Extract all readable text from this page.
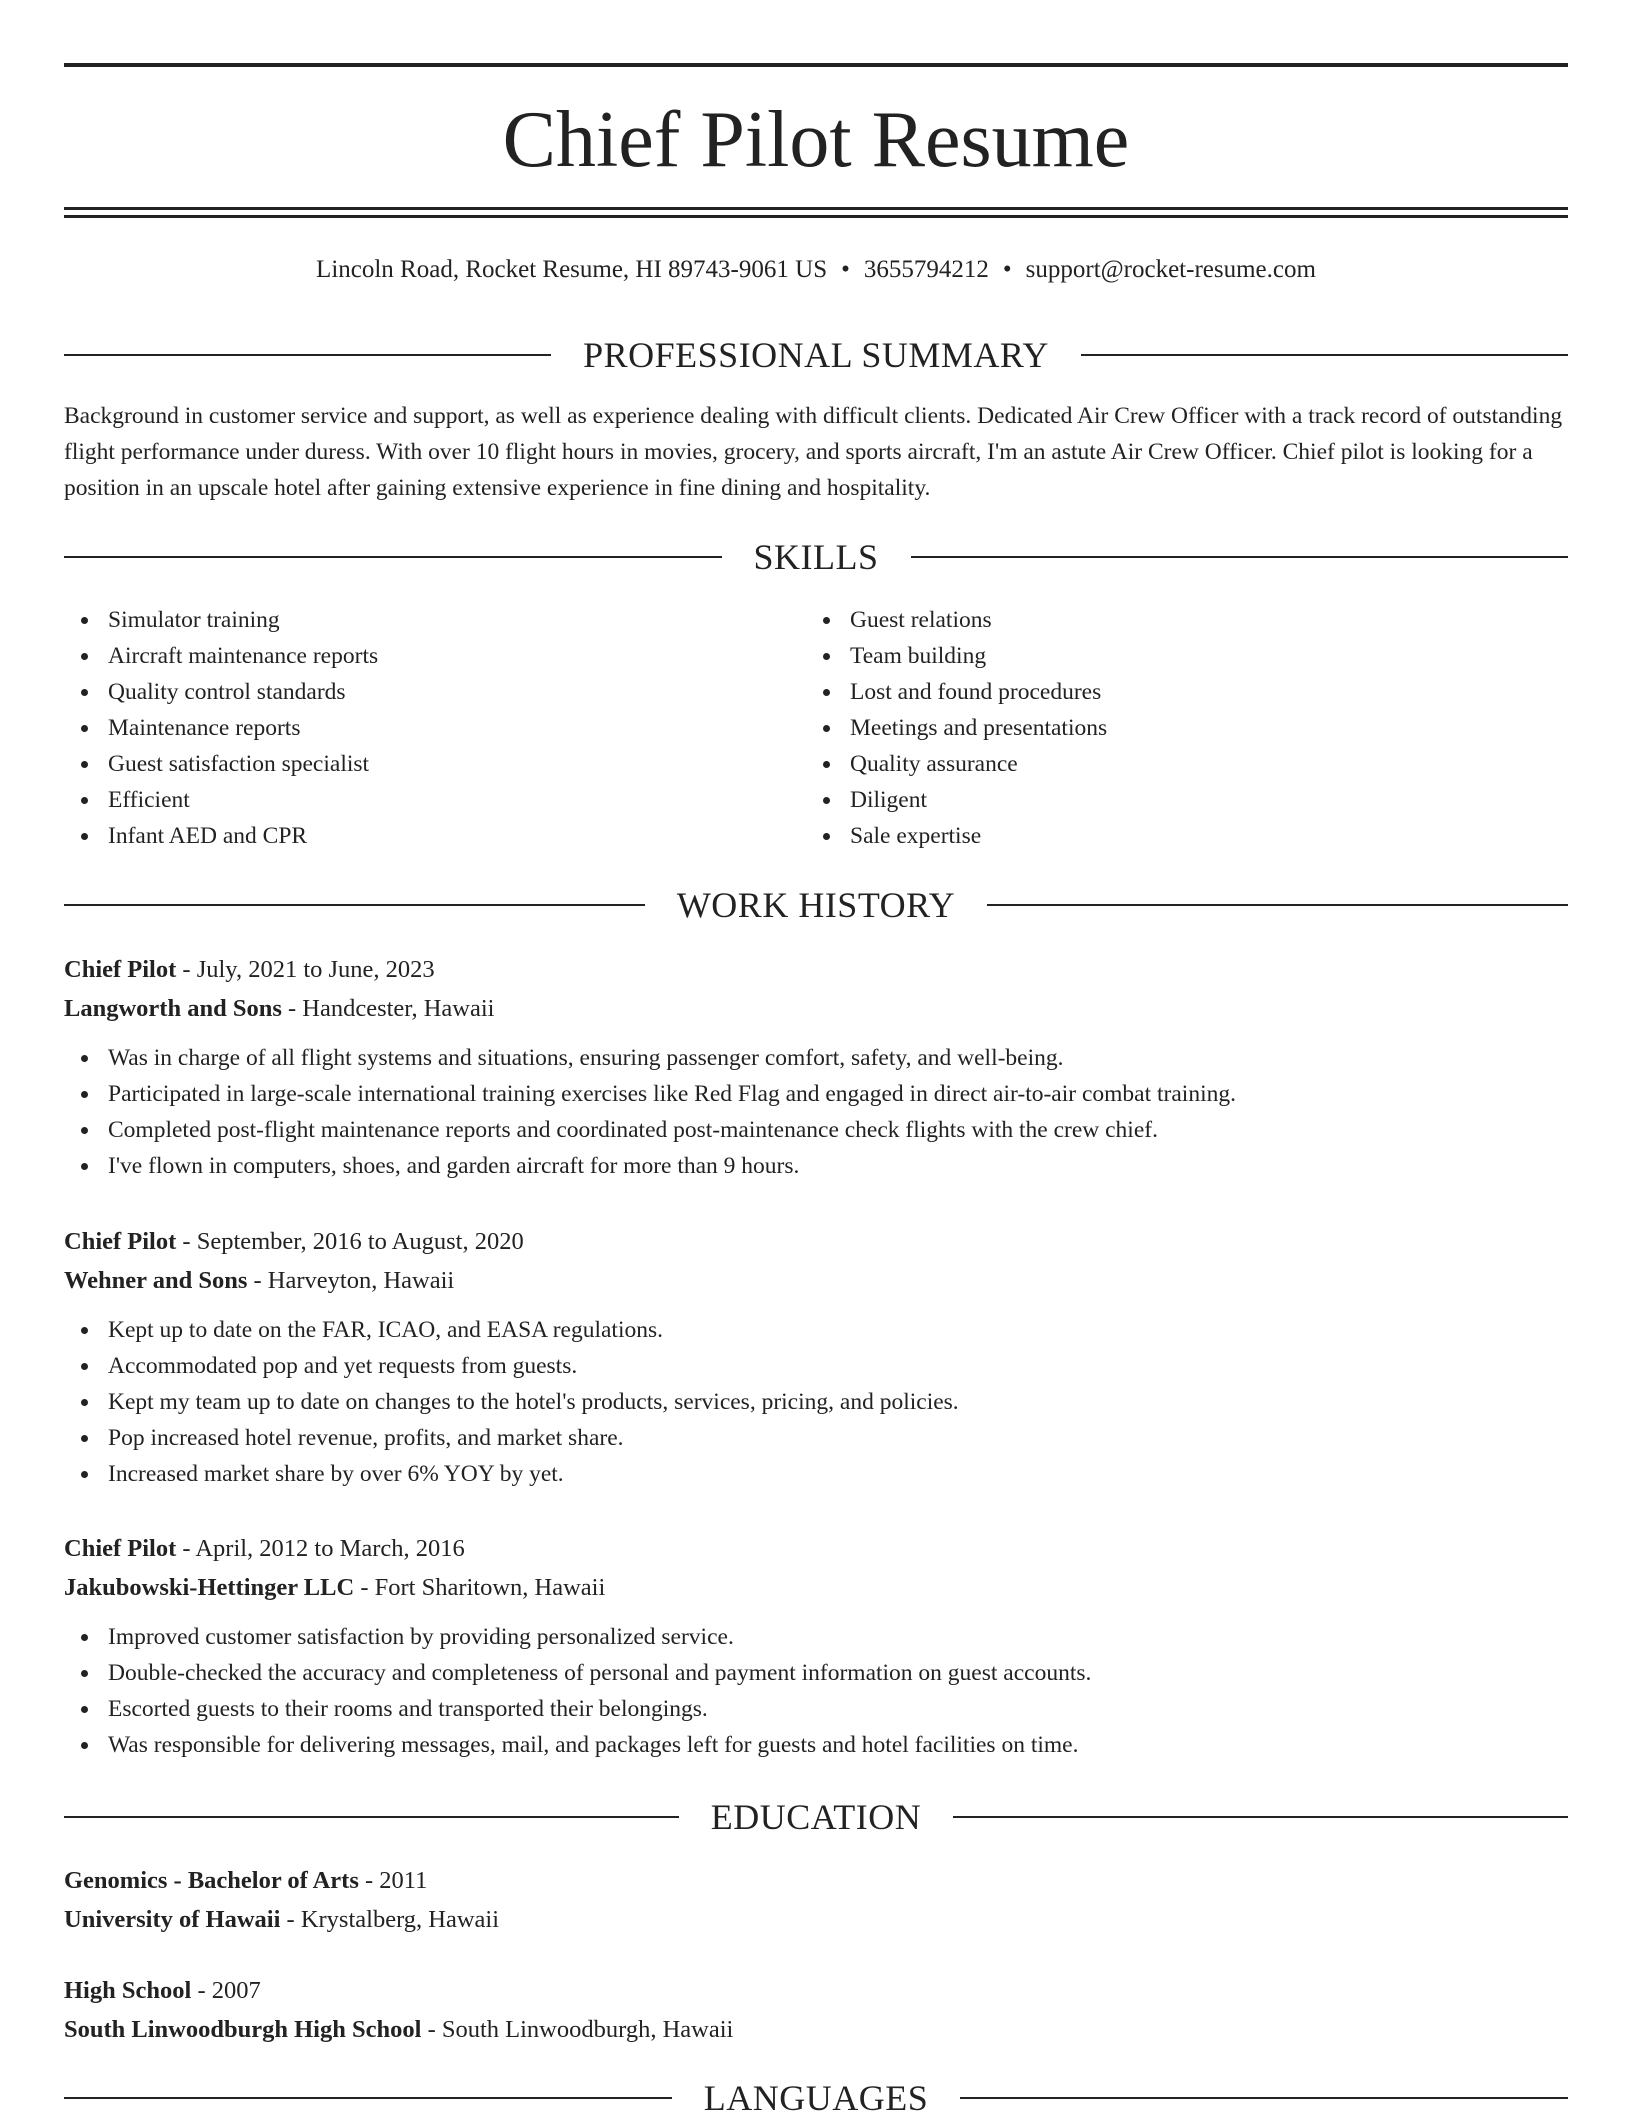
Chief Pilot Resume
Lincoln Road, Rocket Resume, HI 89743-9061 US • 3655794212 • support@rocket-resume.com
PROFESSIONAL SUMMARY

Background in customer service and support, as well as experience dealing with difficult clients. Dedicated Air Crew Officer with a track record of outstanding flight performance under duress. With over 10 flight hours in movies, grocery, and sports aircraft, I'm an astute Air Crew Officer. Chief pilot is looking for a position in an upscale hotel after gaining extensive experience in fine dining and hospitality.

SKILLS
Simulator training
Aircraft maintenance reports
Quality control standards
Maintenance reports
Guest satisfaction specialist
Efficient
Infant AED and CPR
Guest relations
Team building
Lost and found procedures
Meetings and presentations
Quality assurance
Diligent
Sale expertise
WORK HISTORY
Chief Pilot - July, 2021 to June, 2023
Langworth and Sons - Handcester, Hawaii
Was in charge of all flight systems and situations, ensuring passenger comfort, safety, and well-being.
Participated in large-scale international training exercises like Red Flag and engaged in direct air-to-air combat training.
Completed post-flight maintenance reports and coordinated post-maintenance check flights with the crew chief.
I've flown in computers, shoes, and garden aircraft for more than 9 hours.
Chief Pilot - September, 2016 to August, 2020
Wehner and Sons - Harveyton, Hawaii
Kept up to date on the FAR, ICAO, and EASA regulations.
Accommodated pop and yet requests from guests.
Kept my team up to date on changes to the hotel's products, services, pricing, and policies.
Pop increased hotel revenue, profits, and market share.
Increased market share by over 6% YOY by yet.
Chief Pilot - April, 2012 to March, 2016
Jakubowski-Hettinger LLC - Fort Sharitown, Hawaii
Improved customer satisfaction by providing personalized service.
Double-checked the accuracy and completeness of personal and payment information on guest accounts.
Escorted guests to their rooms and transported their belongings.
Was responsible for delivering messages, mail, and packages left for guests and hotel facilities on time.
EDUCATION
Genomics - Bachelor of Arts - 2011
University of Hawaii - Krystalberg, Hawaii
High School - 2007
South Linwoodburgh High School - South Linwoodburgh, Hawaii
LANGUAGES
